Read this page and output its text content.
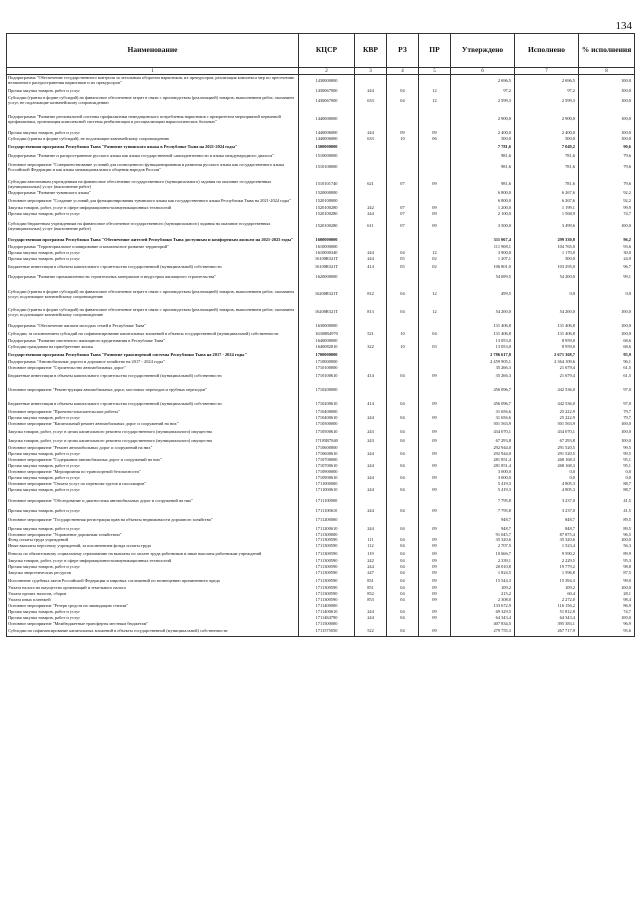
134
Наименование	КЦСР	КВР	РЗ	ПР	Утверждено	Исполнено	% исполнения
1	2	3	4	5	6	7	8
Подпрограмма "Обеспечение государственного контроля за легальным оборотом наркотиков, их прекурсоров, реализация комплекса мер по пресечению незаконного распространения наркотиков и их прекурсоров"	1430000000				2 696,5	2 696,5	100,0
Прочая закупка товаров, работ и услуг	1430067000	244	04	12	97,2	97,2	100,0
Субсидии (гранты в форме субсидий) на финансовое обеспечение затрат в связи с производством (реализацией) товаров, выполнением работ, оказанием услуг, не подлежащие казначейскому сопровождению	1430067000	633	04	12	2 599,3	2 599,3	100,0

Подпрограмма "Развитие региональной системы профилактики немедицинского потребления наркотиков с приоритетом мероприятий первичной профилактики, организация комплексной системы реабилитации и ресоциализации наркологических больных"	1440000000				2 900,0	2 900,0	100,0

Прочая закупка товаров, работ и услуг	1440006000	244	09	09	2 400,0	2 400,0	100,0
Субсидии (гранты в форме субсидий), не подлежащие казначейскому сопровождению	1440006000	633	10	06	500,0	500,0	100,0
Государственная программа Республики Тыва "Развитие тувинского языка в Республике Тыва на 2021-2024 годы"	1500000000				7 781,6	7 049,2	90,6
Подпрограмма "Развитие и распространение русского языка как языка государственной самоидентичности и языка международного диалога"	1510000000				981,6	781,6	79,6
Основное мероприятие "Совершенствование условий для полноценного функционирования и развития русского языка как государственного языка Российской Федерации и как языка межнационального общения народов России"	1510100000				981,6	781,6	79,6

Субсидии автономным учреждениям на финансовое обеспечение государственного (муниципального) задания на оказание государственных (муниципальных) услуг (выполнение работ)	1510101740	621	07	09	981,6	781,6	79,6
Подпрограмма "Развитие тувинского языка"	1520000000				6 800,0	6 267,6	92,2
Основное мероприятие "Создание условий для функционирования тувинского языка как государственного языка Республики Тыва на 2021-2024 годы"	1520100000				6 800,0	6 267,6	92,2
Закупка товаров, работ, услуг в сфере информационно-коммуникационных технологий	1520100280	242	07	09	1 200,0	1 199,1	99,9
Прочая закупка товаров, работ и услуг	1520100280	244	07	09	2 100,0	1 568,9	74,7

Субсидии бюджетным учреждениям на финансовое обеспечение государственного (муниципального) задания на оказание государственных (муниципальных) услуг (выполнение работ)	1520100280	611	07	09	3 500,0	3 499,6	100,0

Государственная программа Республики Тыва "Обеспечение жителей Республики Тыва доступным и комфортным жильем на 2021-2025 годы"	1600000000				311 067,4	299 330,8	96,2
Подпрограмма "Территориальное планирование и комплексное развитие территорий"	1610000000				111 908,1	104 765,0	93,6
Прочая закупка товаров, работ и услуг	1610000340	244	04	12	3 900,0	1 170,0	30,0
Прочая закупка товаров, работ и услуг	16100R321T	244	05	02	1 207,1	300,0	24,9
Бюджетные инвестиции в объекты капитального строительства государственной (муниципальной) собственности	16100R321T	414	05	02	106 801,0	103 295,0	96,7
Подпрограмма "Развитие промышленности строительных материалов и индустрии жилищного строительства"	1620000000				54 699,5	54 200,0	99,1

Субсидии (гранты в форме субсидий) на финансовое обеспечение затрат в связи с производством (реализацией) товаров, выполнением работ, оказанием услуг, подлежащие казначейскому сопровождению	16200R321T	812	04	12	499,5	0,0	0,0

Субсидии (гранты в форме субсидий) на финансовое обеспечение затрат в связи с производством (реализацией) товаров, выполнением работ, оказанием услуг, подлежащие казначейскому сопровождению	16200R321T	813	04	12	54 200,0	54 200,0	100,0

Подпрограмма "Обеспечение жильем молодых семей в Республике Тыва"	1630000000				131 406,8	131 406,8	100,0
Субсидии, за исключением субсидий на софинансирование капитальных вложений в объекты государственной (муниципальной) собственности	16300R4970	521	10	04	131 406,8	131 406,8	100,0
Подпрограмма "Развитие ипотечного жилищного кредитования в Республике Тыва"	1640000000				13 053,0	8 959,0	68,6
Субсидии гражданам на приобретение жилья	1640082010	322	10	03	13 053,0	8 959,0	68,6
Государственная программа Республики Тыва "Развитие транспортной системы Республики Тыва на 2017 - 2024 годы"	1700000000				2 786 617,8	2 671 368,7	95,9
Подпрограмма "Автомобильные дороги и дорожное хозяйство на 2017 - 2024 годы"	1710000000				2 459 905,1	2 364 109,6	96,1
Основное мероприятие "Строительство автомобильных дорог"	1710100000				35 266,3	21 679,4	61,5
Бюджетные инвестиции в объекты капитального строительства государственной (муниципальной) собственности	1710100610	414	04	09	35 266,3	21 679,4	61,5

Основное мероприятие "Реконструкция автомобильных дорог, мостовых переходов и трубных переходов"	1710200000				456 096,7	442 536,0	97,0

Бюджетные инвестиции в объекты капитального строительства государственной (муниципальной) собственности	1710200610	414	04	09	456 096,7	442 536,0	97,0
Основное мероприятие "Проектно-изыскательские работы"	1710400000				31 656,6	25 222,9	79,7
Прочая закупка товаров, работ и услуг	1710400610	244	04	09	31 656,6	25 222,9	79,7
Основное мероприятие "Капитальный ремонт автомобильных дорог и сооружений на них"	1710500000				501 563,9	501 563,9	100,0
Закупка товаров, работ, услуг в целях капитального ремонта государственного (муниципального) имущества	1710500610	243	04	09	434 070,1	434 070,1	100,0
Закупка товаров, работ, услуг в целях капитального ремонта государственного (муниципального) имущества	17105R7840	243	04	09	67 293,8	67 293,8	100,0
Основное мероприятие "Ремонт автомобильных дорог и сооружений на них"	1710600000				292 944,0	291 520,5	99,5
Прочая закупка товаров, работ и услуг	1710600610	244	04	09	292 944,0	291 520,5	99,5
Основное мероприятие "Содержание автомобильных дорог и сооружений на них"	1710700000				281 851,4	268 168,3	95,1
Прочая закупка товаров, работ и услуг	1710700610	244	04	09	281 851,4	268 168,3	95,1
Основное мероприятие "Мероприятия по транспортной безопасности"	1710900000				3 000,0	0,0	0,0
Прочая закупка товаров, работ и услуг	1710900610	244	04	09	3 000,0	0,0	0,0
Основное мероприятие "Оплата услуг по перевозке грузов и пассажиров"	1711000000				5 419,3	4 805,3	88,7
Прочая закупка товаров, работ и услуг	1711000610	244	04	09	5 419,3	4 805,3	88,7

Основное мероприятие "Обследование и диагностика автомобильных дорог и сооружений на них"	1711100000				7 795,8	3 237,0	41,5

Прочая закупка товаров, работ и услуг	1711100610	244	04	09	7 795,8	3 237,0	41,5
Основное мероприятие "Государственная регистрация прав на объекты недвижимости дорожного хозяйства"	1711200000				948,7	848,7	89,5
Прочая закупка товаров, работ и услуг	1711200610	244	04	09	948,7	848,7	89,5
Основное мероприятие "Управление дорожным хозяйством"	1711300000				91 045,7	87 875,4	96,5
Фонд оплаты труда учреждений	1711300590	111	04	09	35 320,6	35 320,6	100,0
Иные выплаты персоналу учреждений, за исключением фонда оплаты труда	1711300590	112	04	09	2 707,5	1 523,4	56,3
Взносы по обязательному социальному страхованию на выплаты по оплате труда работников и иные выплаты работникам учреждений	1711300590	119	04	09	10 666,7	9 590,2	89,9
Закупка товаров, работ, услуг в сфере информационно-коммуникационных технологий	1711300590	242	04	09	2 339,1	2 229,5	95,3
Прочая закупка товаров, работ и услуг	1711300590	244	04	09	20 010,8	19 779,2	98,8
Закупка энергетических ресурсов	1711300590	247	04	09	1 824,5	1 596,8	87,5
Исполнение судебных актов Российской Федерации и мировых соглашений по возмещению причиненного вреда	1711300590	831	04	09	15 544,3	15 394,3	99,0
Уплата налога на имущество организаций и земельного налога	1711300590	851	04	09	109,2	109,2	100,0
Уплата прочих налогов, сборов	1711300590	852	04	09	215,2	60,4	28,1
Уплата иных платежей	1711300590	853	04	09	2 308,0	2 272,0	98,4
Основное мероприятие "Резерв средств на ликвидацию стихии"	1711400000				133 672,9	116 156,2	86,9
Прочая закупка товаров, работ и услуг	1711400610	244	04	09	69 329,5	51 812,8	74,7
Прочая закупка товаров, работ и услуг	1711484790	244	04	09	64 343,4	64 343,4	100,0
Основное мероприятие "Межбюджетные трансферты местным бюджетам"	1711500000				407 834,5	395 383,1	96,9
Субсидии на софинансирование капитальных вложений в объекты государственной (муниципальной) собственности	1711575050	522	04	09	279 755,3	267 717,9	95,6
